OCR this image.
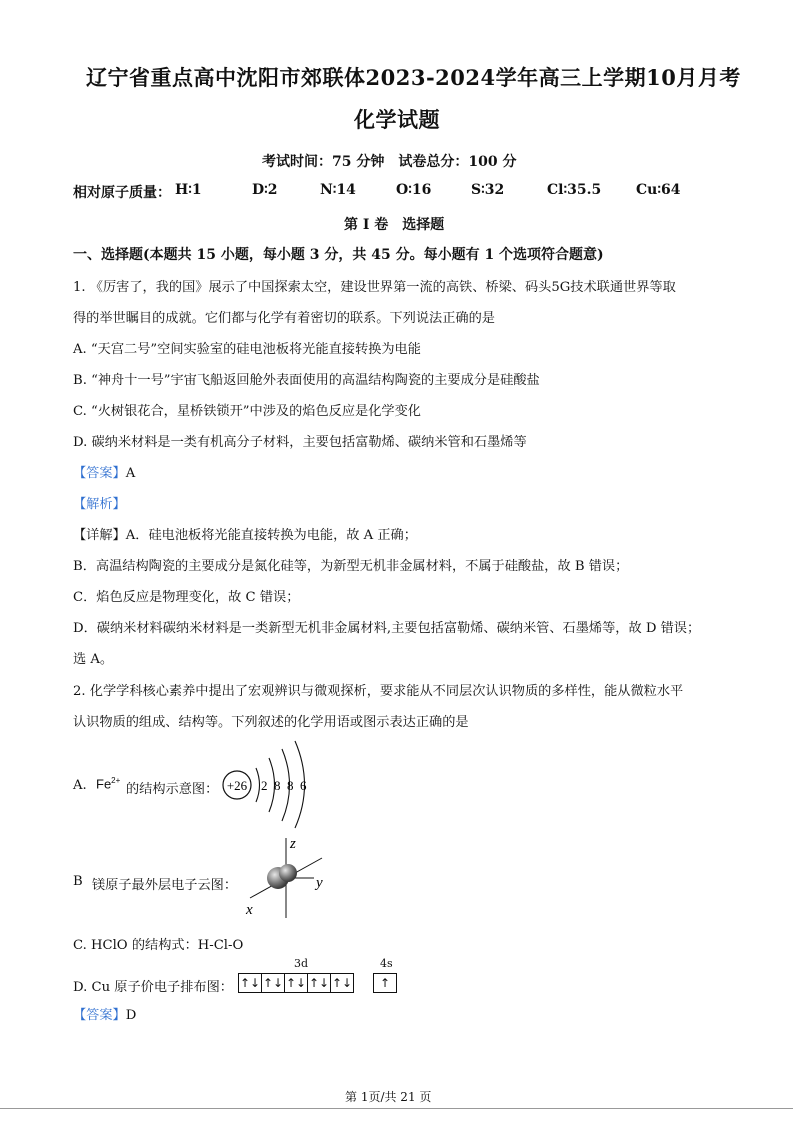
辽宁省重点高中沈阳市郊联体2023-2024学年高三上学期10月月考
化学试题
考试时间：75 分钟　试卷总分：100 分
相对原子质量： H∶1	D∶2	N∶14	O∶16	S∶32	Cl∶35.5 Cu∶64
第 I 卷　选择题
一、选择题(本题共 15 小题，每小题 3 分，共 45 分。每小题有 1 个选项符合题意)
1. 《厉害了，我的国》展示了中国探索太空，建设世界第一流的高铁、桥梁、码头5G技术联通世界等取
得的举世瞩目的成就。它们都与化学有着密切的联系。下列说法正确的是
A. “天宫二号”空间实验室的硅电池板将光能直接转换为电能
B. “神舟十一号”宇宙飞船返回舱外表面使用的高温结构陶瓷的主要成分是硅酸盐
C. “火树银花合，星桥铁锁开”中涉及的焰色反应是化学变化
D. 碳纳米材料是一类有机高分子材料，主要包括富勒烯、碳纳米管和石墨烯等
【答案】A
【解析】
【详解】A．硅电池板将光能直接转换为电能，故 A 正确；
B．高温结构陶瓷的主要成分是氮化硅等，为新型无机非金属材料，不属于硅酸盐，故 B 错误；
C．焰色反应是物理变化，故 C 错误；
D．碳纳米材料碳纳米材料是一类新型无机非金属材料,主要包括富勒烯、碳纳米管、石墨烯等，故 D 错误；
选 A。
2. 化学学科核心素养中提出了宏观辨识与微观探析，要求能从不同层次认识物质的多样性，能从微粒水平
认识物质的组成、结构等。下列叙述的化学用语或图示表达正确的是
A. $Fe^{2+}$
的结构示意图： +26 2 8 8 6
B 镁原子最外层电子云图：
z
y
x
C. HClO 的结构式：H-Cl-O
D. Cu 原子价电子排布图：
3d	4s
↑↓ ↑↓ ↑↓ ↑↓ ↑↓	↑
【答案】D
第 1页/共 21 页
